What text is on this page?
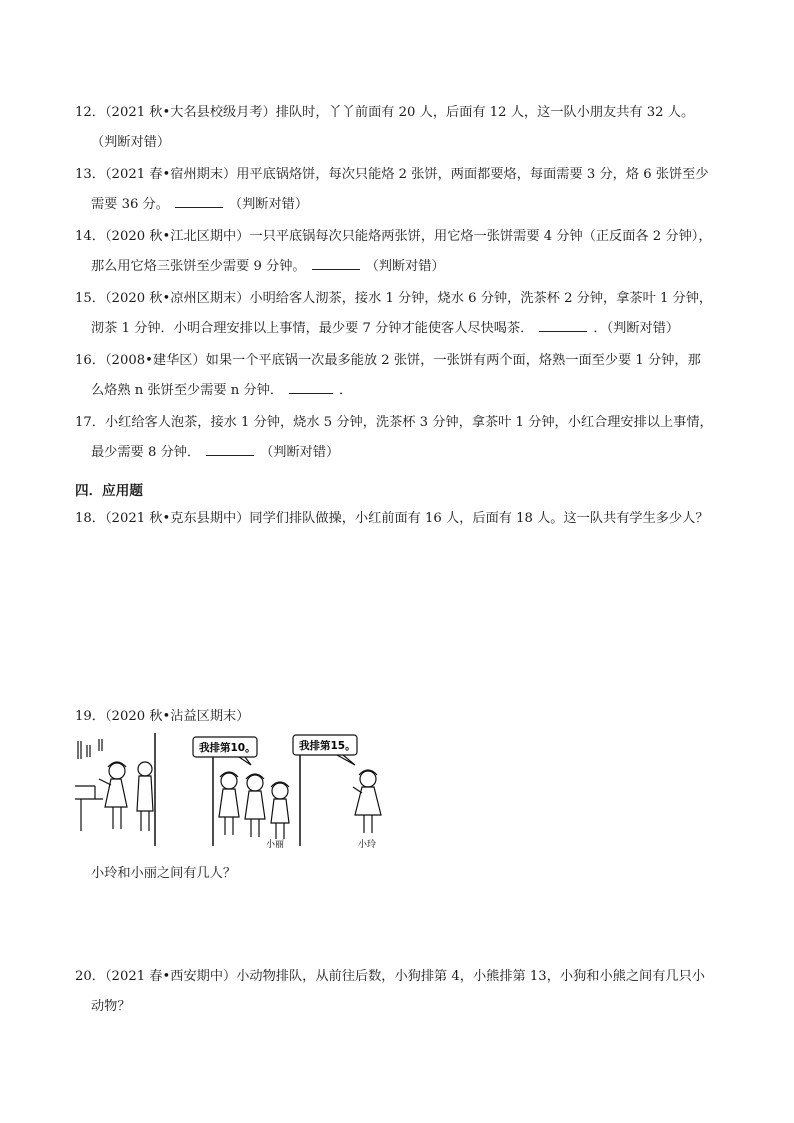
12．（2021 秋•大名县校级月考）排队时，丫丫前面有 20 人，后面有 12 人，这一队小朋友共有 32 人。
（判断对错）
13．（2021 春•宿州期末）用平底锅烙饼，每次只能烙 2 张饼，两面都要烙，每面需要 3 分，烙 6 张饼至少
需要 36 分。	（判断对错）
14．（2020 秋•江北区期中）一只平底锅每次只能烙两张饼，用它烙一张饼需要 4 分钟（正反面各 2 分钟），
那么用它烙三张饼至少需要 9 分钟。	（判断对错）
15．（2020 秋•凉州区期末）小明给客人沏茶，接水 1 分钟，烧水 6 分钟，洗茶杯 2 分钟，拿茶叶 1 分钟，
沏茶 1 分钟．小明合理安排以上事情，最少要 7 分钟才能使客人尽快喝茶．	．（判断对错）
16．（2008•建华区）如果一个平底锅一次最多能放 2 张饼，一张饼有两个面，烙熟一面至少要 1 分钟，那
么烙熟 n 张饼至少需要 n 分钟．	．
17．小红给客人泡茶，接水 1 分钟，烧水 5 分钟，洗茶杯 3 分钟，拿茶叶 1 分钟，小红合理安排以上事情，
最少需要 8 分钟．	（判断对错）
四．应用题
18．（2021 秋•克东县期中）同学们排队做操，小红前面有 16 人，后面有 18 人。这一队共有学生多少人？
19．（2020 秋•沾益区期末）
我排第10。	我排第15。
小丽	小玲
小玲和小丽之间有几人？
20．（2021 春•西安期中）小动物排队，从前往后数，小狗排第 4，小熊排第 13，小狗和小熊之间有几只小
动物？
